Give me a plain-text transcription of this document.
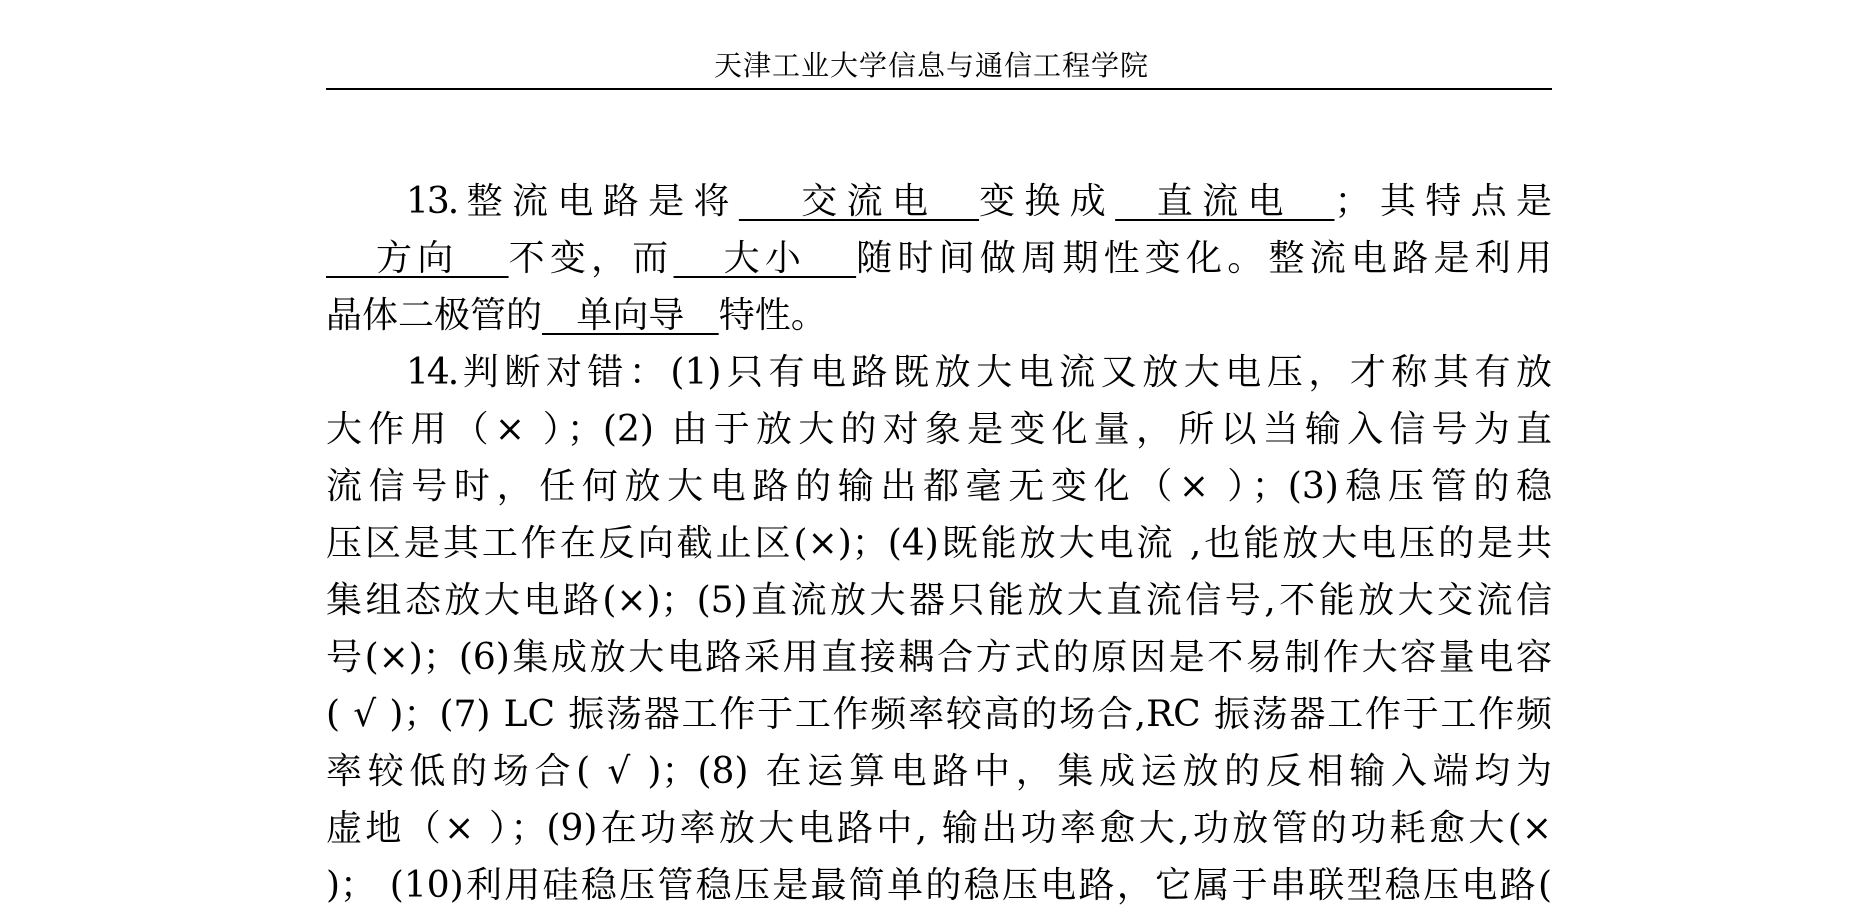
天津工业大学信息与通信工程学院
13.整流电路是将   交流电  变换成  直流电  ；其特点是
方向   不变，而   大小   随时间做周期性变化。整流电路是利用
晶体二极管的   单向导   特性。
14.判断对错：(1)只有电路既放大电流又放大电压，才称其有放
大作用（× ）；(2) 由于放大的对象是变化量，所以当输入信号为直
流信号时，任何放大电路的输出都毫无变化（× ）；(3)稳压管的稳
压区是其工作在反向截止区(×)；(4)既能放大电流 ,也能放大电压的是共
集组态放大电路(×)；(5)直流放大器只能放大直流信号,不能放大交流信
号(×)；(6)集成放大电路采用直接耦合方式的原因是不易制作大容量电容
( √ )；(7) LC 振荡器工作于工作频率较高的场合,RC 振荡器工作于工作频
率较低的场合( √ )；(8) 在运算电路中，集成运放的反相输入端均为
虚地（× ）；(9)在功率放大电路中, 输出功率愈大,功放管的功耗愈大(×
)； (10)利用硅稳压管稳压是最简单的稳压电路，它属于串联型稳压电路(
